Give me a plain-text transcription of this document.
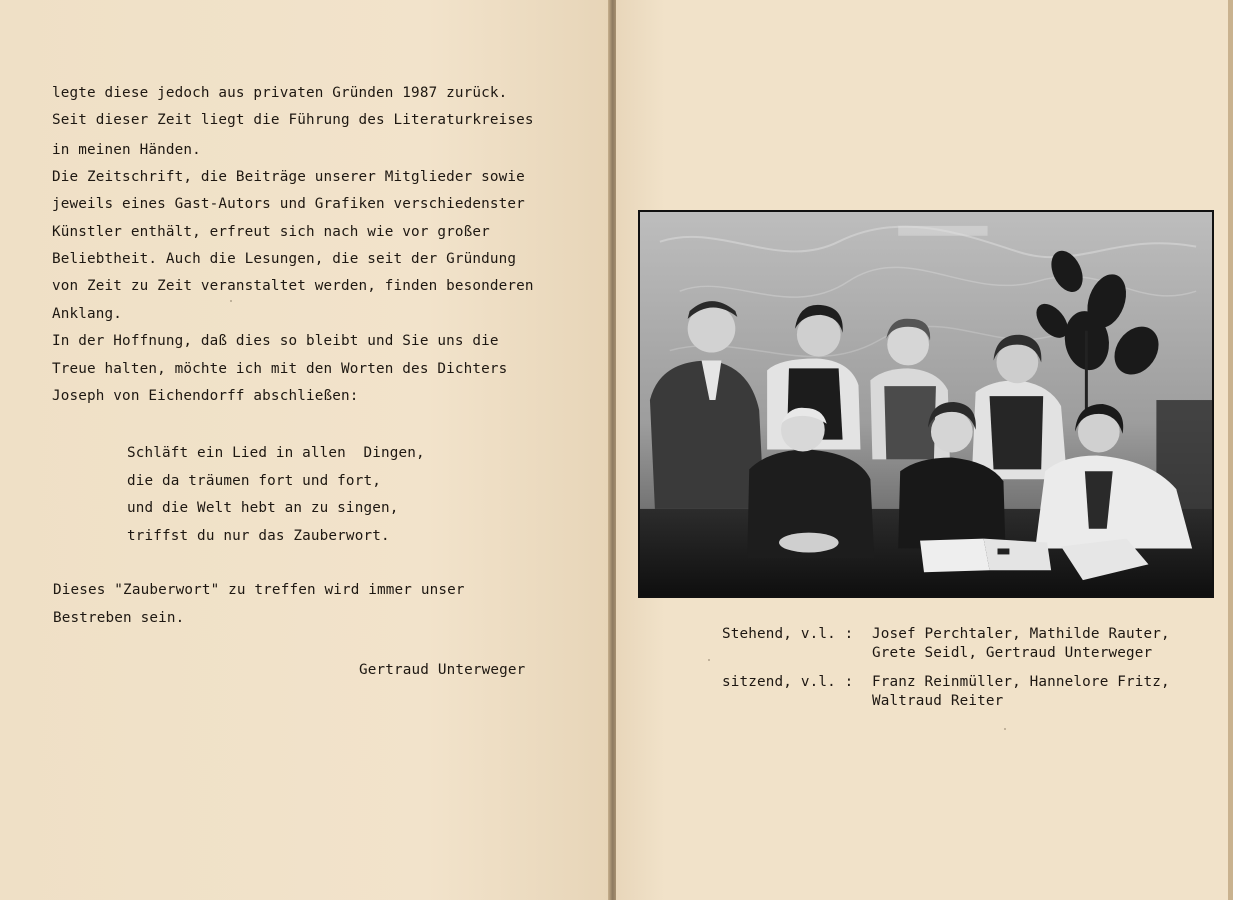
legte diese jedoch aus privaten Gründen 1987 zurück.
Seit dieser Zeit liegt die Führung des Literaturkreises
in meinen Händen.
Die Zeitschrift, die Beiträge unserer Mitglieder sowie
jeweils eines Gast-Autors und Grafiken verschiedenster
Künstler enthält, erfreut sich nach wie vor großer
Beliebtheit. Auch die Lesungen, die seit der Gründung
von Zeit zu Zeit veranstaltet werden, finden besonderen
Anklang.
In der Hoffnung, daß dies so bleibt und Sie uns die
Treue halten, möchte ich mit den Worten des Dichters
Joseph von Eichendorff abschließen:
Schläft ein Lied in allen  Dingen,
die da träumen fort und fort,
und die Welt hebt an zu singen,
triffst du nur das Zauberwort.
Dieses "Zauberwort" zu treffen wird immer unser
Bestreben sein.
Gertraud Unterweger
Stehend, v.l. :	Josef Perchtaler, Mathilde Rauter,
Grete Seidl, Gertraud Unterweger
sitzend, v.l. :	Franz Reinmüller, Hannelore Fritz,
Waltraud Reiter
